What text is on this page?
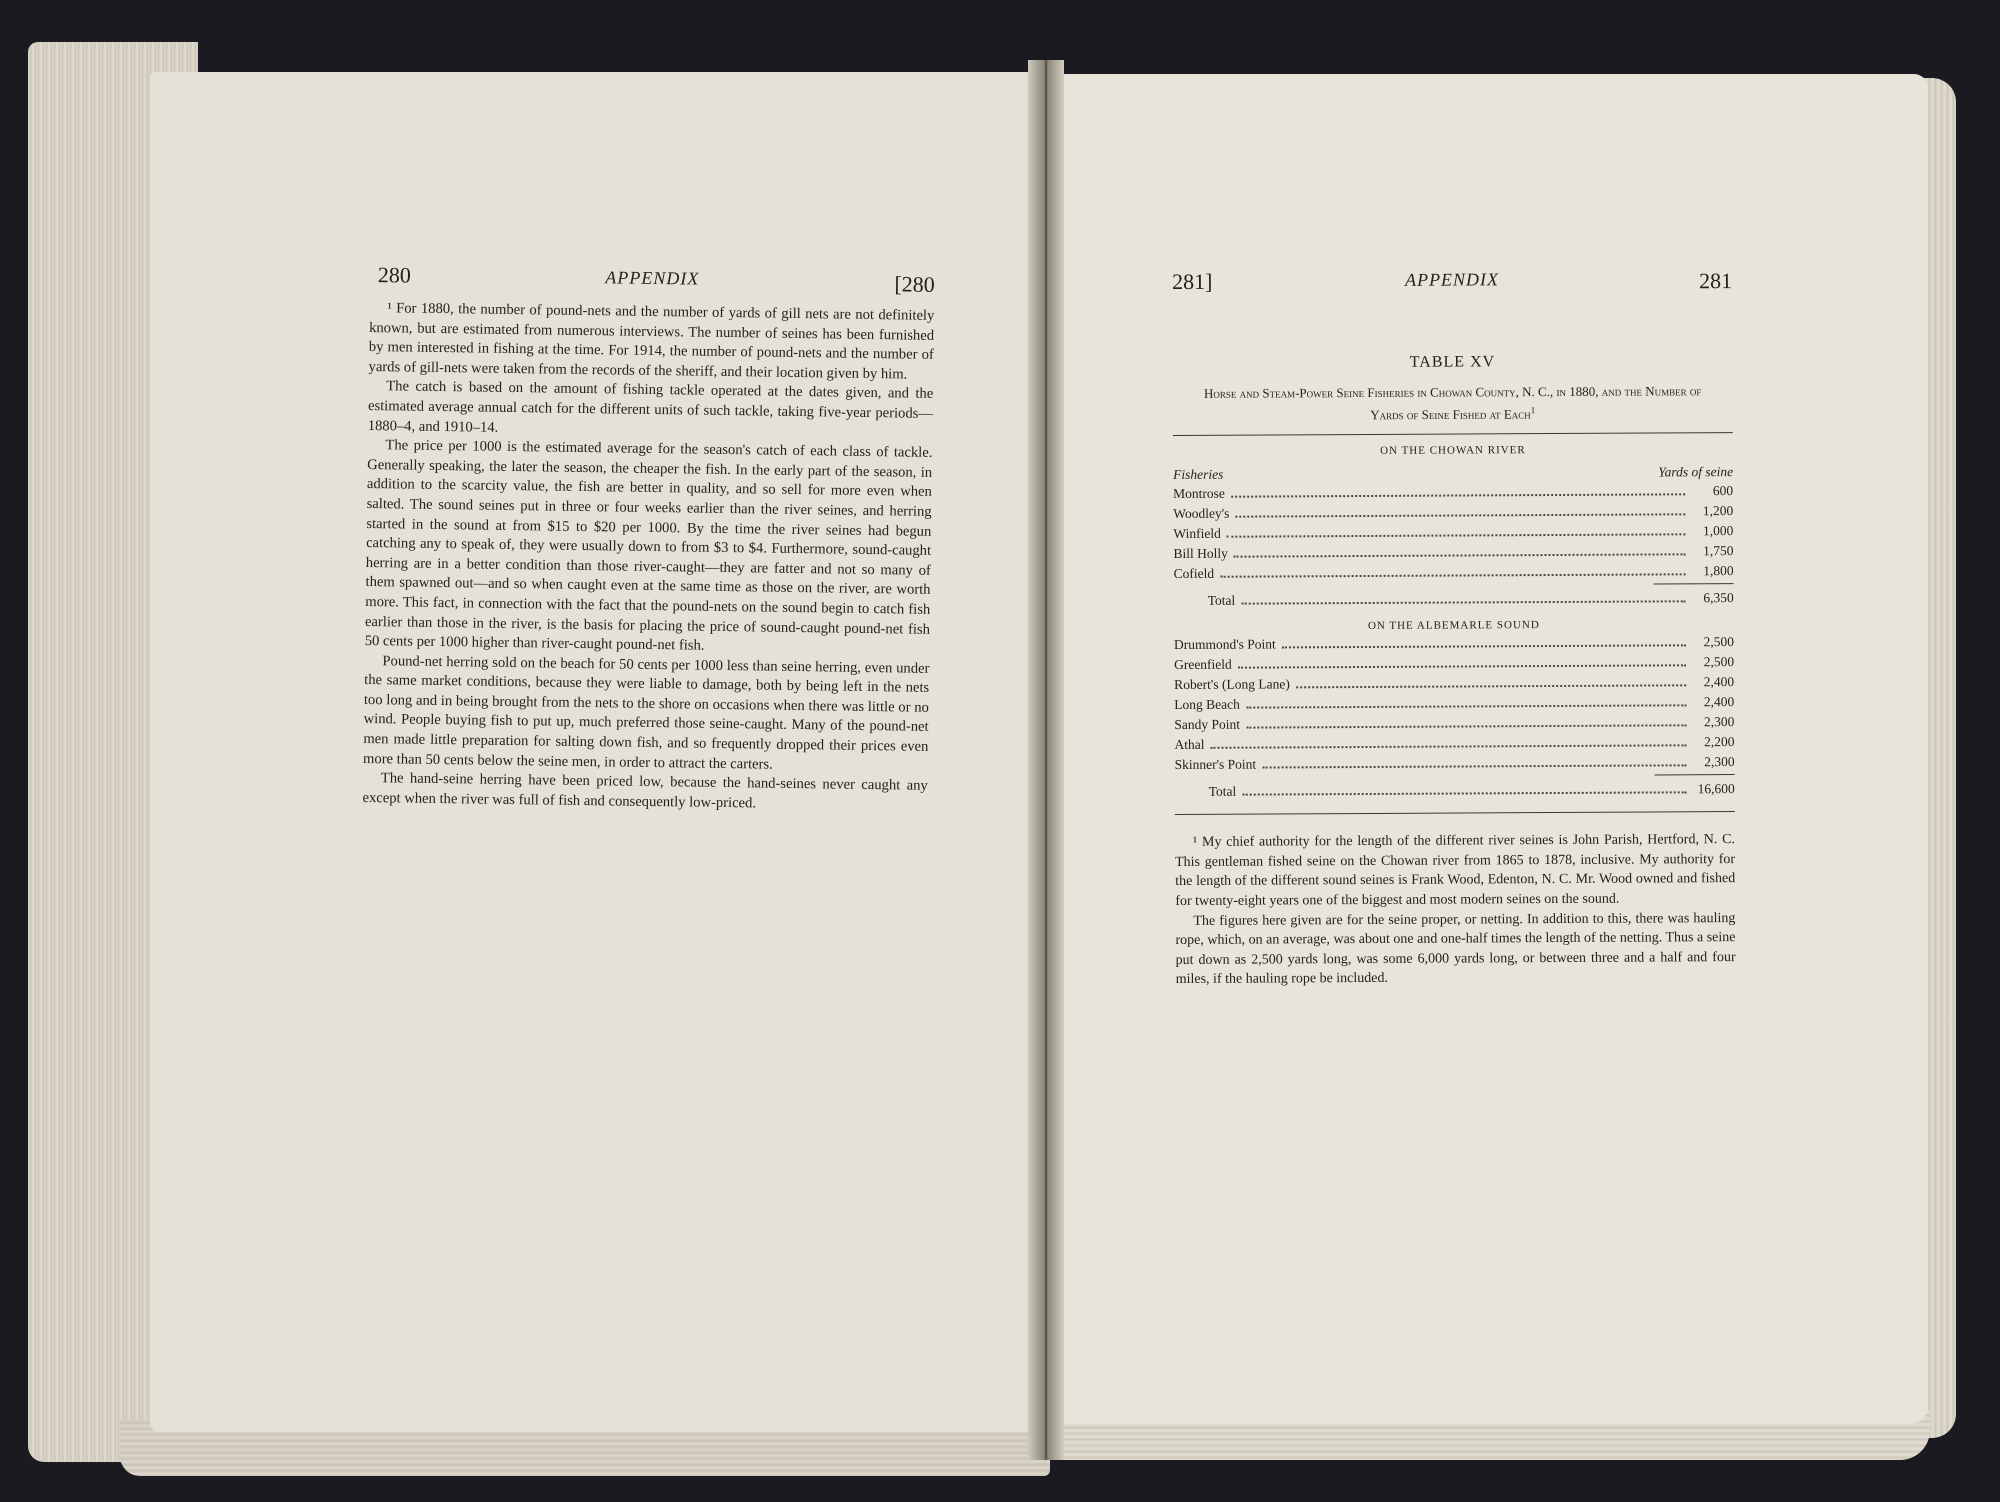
280	APPENDIX	[280

¹ For 1880, the number of pound-nets and the number of yards of gill nets are not definitely known, but are estimated from numerous interviews. The number of seines has been furnished by men interested in fishing at the time. For 1914, the number of pound-nets and the number of yards of gill-nets were taken from the records of the sheriff, and their location given by him.

The catch is based on the amount of fishing tackle operated at the dates given, and the estimated average annual catch for the different units of such tackle, taking five-year periods—1880–4, and 1910–14.

The price per 1000 is the estimated average for the season's catch of each class of tackle. Generally speaking, the later the season, the cheaper the fish. In the early part of the season, in addition to the scarcity value, the fish are better in quality, and so sell for more even when salted. The sound seines put in three or four weeks earlier than the river seines, and herring started in the sound at from $15 to $20 per 1000. By the time the river seines had begun catching any to speak of, they were usually down to from $3 to $4. Furthermore, sound-caught herring are in a better condition than those river-caught—they are fatter and not so many of them spawned out—and so when caught even at the same time as those on the river, are worth more. This fact, in connection with the fact that the pound-nets on the sound begin to catch fish earlier than those in the river, is the basis for placing the price of sound-caught pound-net fish 50 cents per 1000 higher than river-caught pound-net fish.

Pound-net herring sold on the beach for 50 cents per 1000 less than seine herring, even under the same market conditions, because they were liable to damage, both by being left in the nets too long and in being brought from the nets to the shore on occasions when there was little or no wind. People buying fish to put up, much preferred those seine-caught. Many of the pound-net men made little preparation for salting down fish, and so frequently dropped their prices even more than 50 cents below the seine men, in order to attract the carters.

The hand-seine herring have been priced low, because the hand-seines never caught any except when the river was full of fish and consequently low-priced.

281]	APPENDIX	281
TABLE XV
Horse and Steam-Power Seine Fisheries in Chowan County, N. C., in 1880, and the Number of Yards of Seine Fished at Each$^1$
ON THE CHOWAN RIVER
Fisheries	Yards of seine
Montrose	600
Woodley's	1,200
Winfield	1,000
Bill Holly	1,750
Cofield	1,800
Total	6,350
ON THE ALBEMARLE SOUND
Drummond's Point	2,500
Greenfield	2,500
Robert's (Long Lane)	2,400
Long Beach	2,400
Sandy Point	2,300
Athal	2,200
Skinner's Point	2,300
Total	16,600

¹ My chief authority for the length of the different river seines is John Parish, Hertford, N. C. This gentleman fished seine on the Chowan river from 1865 to 1878, inclusive. My authority for the length of the different sound seines is Frank Wood, Edenton, N. C. Mr. Wood owned and fished for twenty-eight years one of the biggest and most modern seines on the sound.

The figures here given are for the seine proper, or netting. In addition to this, there was hauling rope, which, on an average, was about one and one-half times the length of the netting. Thus a seine put down as 2,500 yards long, was some 6,000 yards long, or between three and a half and four miles, if the hauling rope be included.
